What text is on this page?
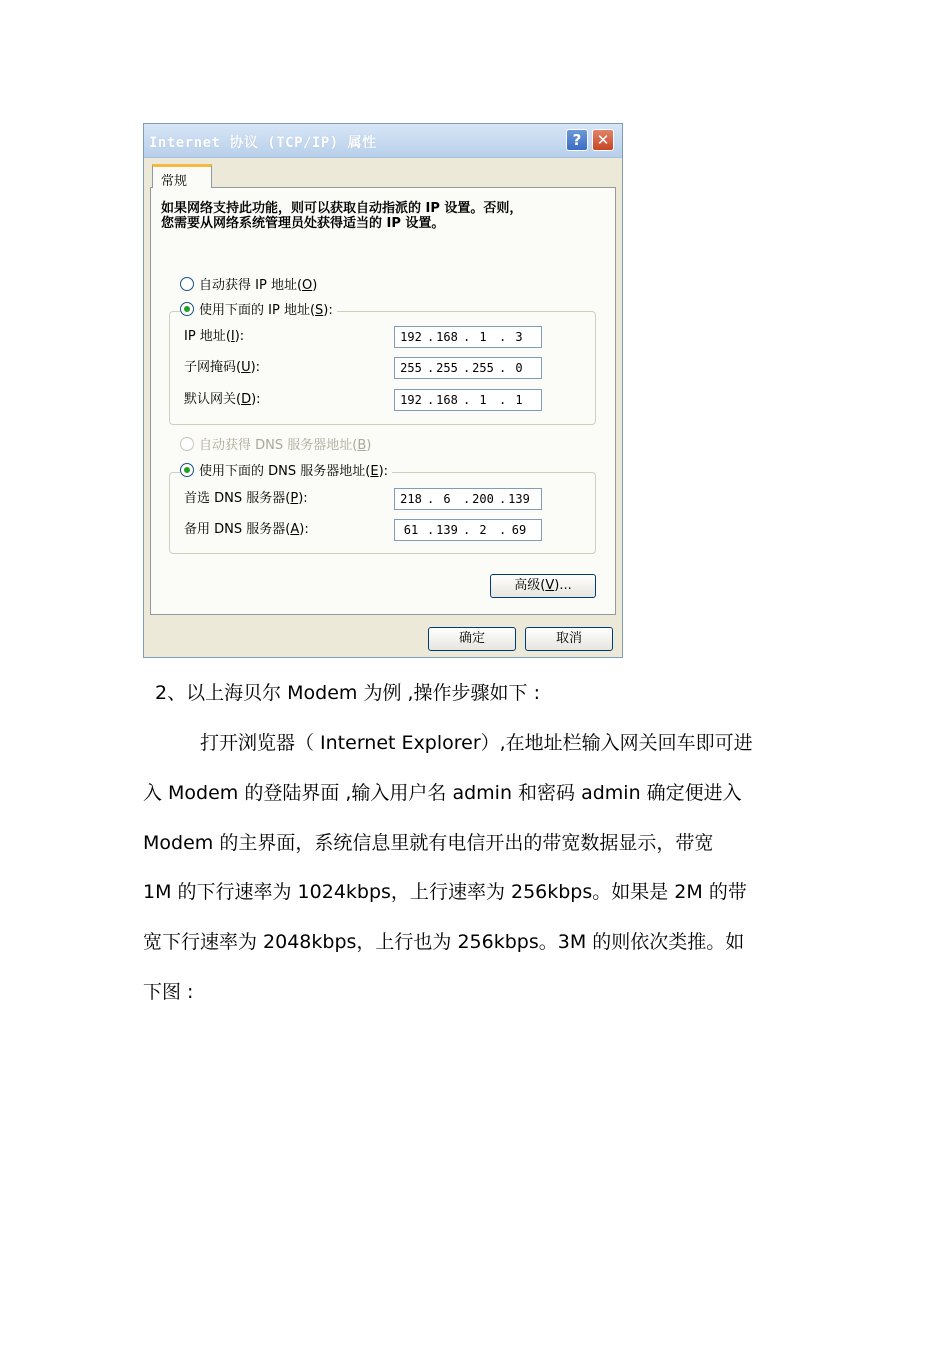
Internet 协议 (TCP/IP) 属性	?	✕
常规
如果网络支持此功能，则可以获取自动指派的 IP 设置。否则，
您需要从网络系统管理员处获得适当的 IP 设置。
自动获得 IP 地址(O)
使用下面的 IP 地址(S):
IP 地址(I):	192 . 168 . 1	. 3
子网掩码(U):	255 . 255 . 255 . 0
默认网关(D):	192 . 168 . 1	. 1
自动获得 DNS 服务器地址(B)
使用下面的 DNS 服务器地址(E):
首选 DNS 服务器(P):	218 . 6	. 200 . 139
备用 DNS 服务器(A):	61 . 139 . 2	. 69
高级(V)...
确定	取消
2、以上海贝尔 Modem 为例 ,操作步骤如下 :
打开浏览器（ Internet Explorer）,在地址栏输入网关回车即可进
入 Modem 的登陆界面 ,输入用户名 admin 和密码 admin 确定便进入
Modem 的主界面，系统信息里就有电信开出的带宽数据显示，带宽
1M 的下行速率为 1024kbps，上行速率为 256kbps。如果是 2M 的带
宽下行速率为 2048kbps，上行也为 256kbps。3M 的则依次类推。如
下图 :
